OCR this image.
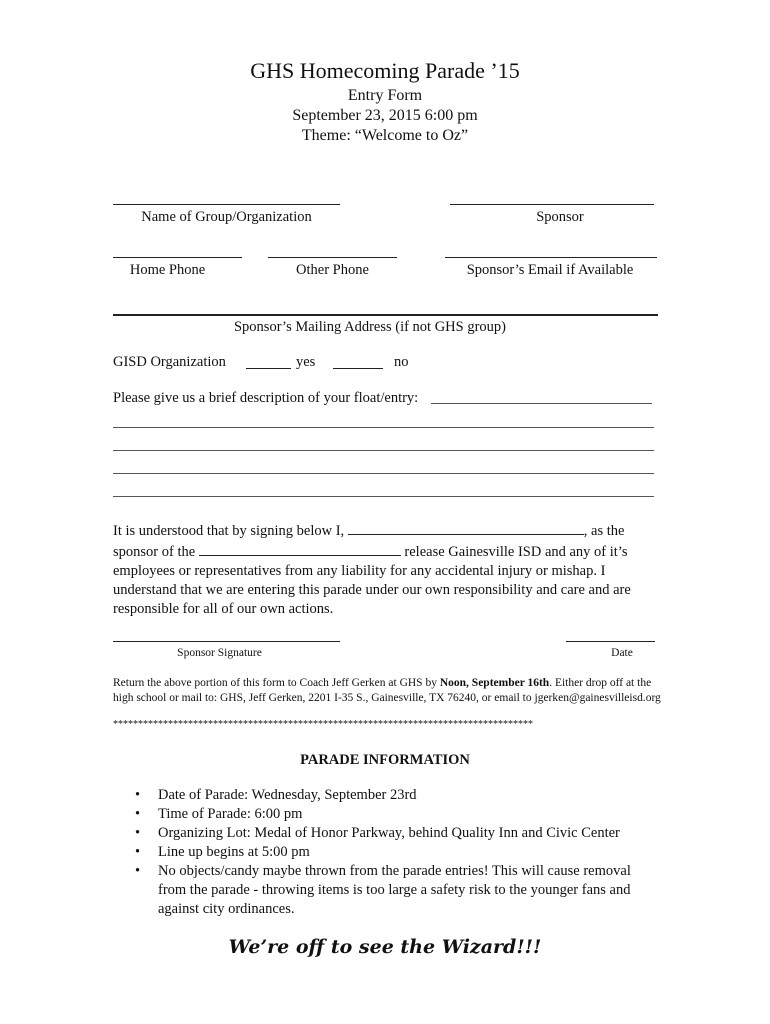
GHS Homecoming Parade ’15
Entry Form
September 23, 2015 6:00 pm
Theme: “Welcome to Oz”
Name of Group/Organization	Sponsor
Home Phone	Other Phone	Sponsor’s Email if Available
Sponsor’s Mailing Address (if not GHS group)
GISD Organization	yes	no
Please give us a brief description of your float/entry:
It is understood that by signing below I,	, as the sponsor of the	release Gainesville ISD and any of it’s employees or representatives from any liability for any accidental injury or mishap. I understand that we are entering this parade under our own responsibility and care and are responsible for all of our own actions.
Sponsor Signature	Date
Return the above portion of this form to Coach Jeff Gerken at GHS by Noon, September 16th. Either drop off at the high school or mail to: GHS, Jeff Gerken, 2201 I-35 S., Gainesville, TX 76240, or email to jgerken@gainesvilleisd.org
************************************************************************************
PARADE INFORMATION
• Date of Parade: Wednesday, September 23rd
• Time of Parade: 6:00 pm
• Organizing Lot: Medal of Honor Parkway, behind Quality Inn and Civic Center
• Line up begins at 5:00 pm
• No objects/candy maybe thrown from the parade entries! This will cause removal from the parade - throwing items is too large a safety risk to the younger fans and against city ordinances.
We’re off to see the Wizard!!!
